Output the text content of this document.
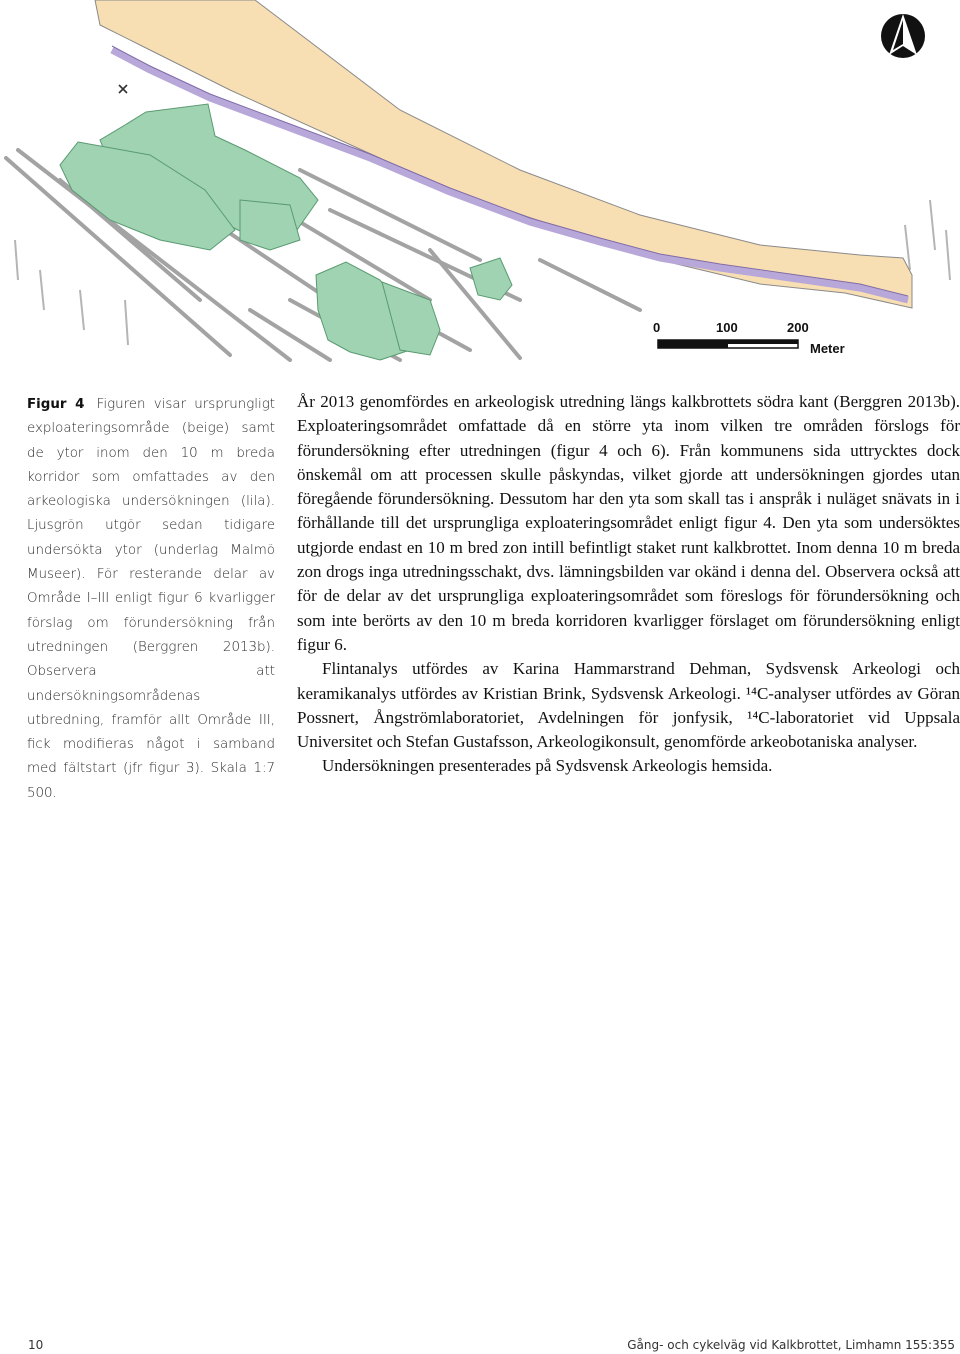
0	100	200
Meter
Figur 4 Figuren visar ursprungligt exploateringsområde (beige) samt de ytor inom den 10 m breda korridor som omfattades av den arkeologiska undersökningen (lila). Ljusgrön utgör sedan tidigare undersökta ytor (underlag Malmö Museer). För resterande delar av Område I–III enligt figur 6 kvarligger förslag om förundersökning från utredningen (Berggren 2013b). Observera att undersökningsområdenas utbredning, framför allt Område III, fick modifieras något i samband med fältstart (jfr figur 3). Skala 1:7 500.

År 2013 genomfördes en arkeologisk utredning längs kalkbrottets södra kant (Berggren 2013b). Exploateringsområdet omfattade då en större yta inom vilken tre områden förslogs för förundersökning efter utredningen (figur 4 och 6). Från kommunens sida uttrycktes dock önskemål om att processen skulle påskyndas, vilket gjorde att undersökningen gjordes utan föregående förundersökning. Dessutom har den yta som skall tas i anspråk i nuläget snävats in i förhållande till det ursprungliga exploateringsområdet enligt figur 4. Den yta som undersöktes utgjorde endast en 10 m bred zon intill befintligt staket runt kalkbrottet. Inom denna 10 m breda zon drogs inga utredningsschakt, dvs. lämningsbilden var okänd i denna del. Observera också att för de delar av det ursprungliga exploateringsområdet som föreslogs för förundersökning och som inte berörts av den 10 m breda korridoren kvarligger förslaget om förundersökning enligt figur 6.

Flintanalys utfördes av Karina Hammarstrand Dehman, Sydsvensk Arkeologi och keramikanalys utfördes av Kristian Brink, Sydsvensk Arkeologi. ¹⁴C-analyser utfördes av Göran Possnert, Ångströmlaboratoriet, Avdelningen för jonfysik, ¹⁴C-laboratoriet vid Uppsala Universitet och Stefan Gustafsson, Arkeologikonsult, genomförde arkeobotaniska analyser.

Undersökningen presenterades på Sydsvensk Arkeologis hemsida.

10	Gång- och cykelväg vid Kalkbrottet, Limhamn 155:355
